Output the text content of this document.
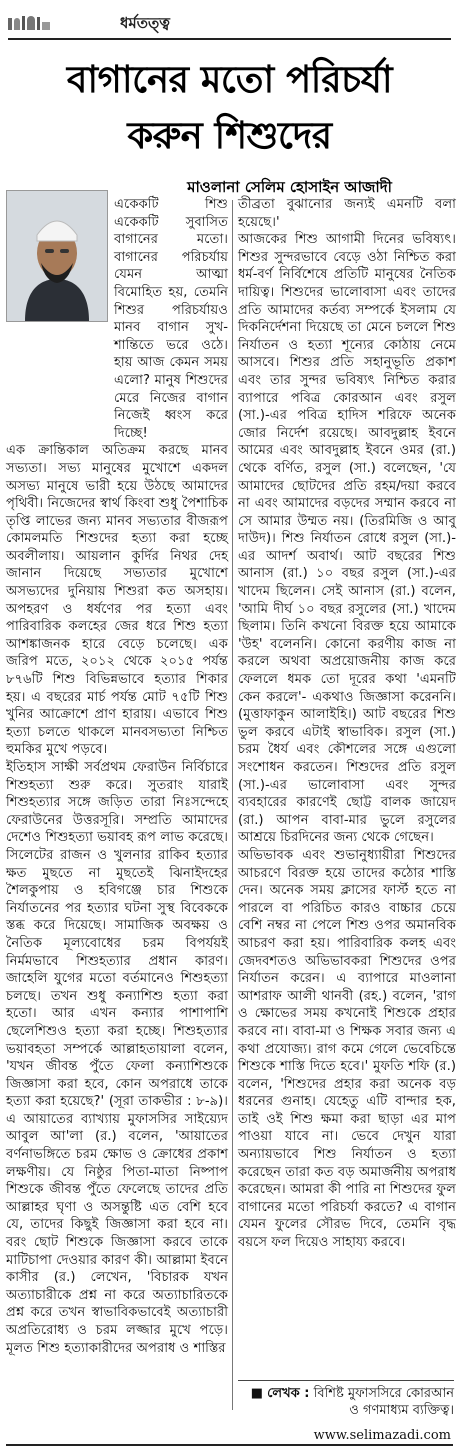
ধর্মতত্ত্ব
বাগানের মতো পরিচর্যা
করুন শিশুদের
মাওলানা সেলিম হোসাইন আজাদী

একেকটি শিশু একেকটি সুবাসিত বাগানের মতো। বাগানের পরিচর্যায় যেমন আত্মা বিমোহিত হয়, তেমনি শিশুর পরিচর্যায়ও মানব বাগান সুখ-শান্তিতে ভরে ওঠে। হায় আজ কেমন সময় এলো? মানুষ শিশুদের মেরে নিজের বাগান নিজেই ধ্বংস করে দিচ্ছে!

এক ক্রান্তিকাল অতিক্রম করছে মানব সভ্যতা। সভ্য মানুষের মুখোশে একদল অসভ্য মানুষে ভারী হয়ে উঠছে আমাদের পৃথিবী। নিজেদের স্বার্থ কিংবা শুধু পৈশাচিক তৃপ্তি লাভের জন্য মানব সভ্যতার বীজরূপ কোমলমতি শিশুদের হত্যা করা হচ্ছে অবলীলায়। আয়লান কুর্দির নিথর দেহ জানান দিয়েছে সভ্যতার মুখোশে অসভ্যদের দুনিয়ায় শিশুরা কত অসহায়। অপহরণ ও ধর্ষণের পর হত্যা এবং পারিবারিক কলহের জের ধরে শিশু হত্যা আশঙ্কাজনক হারে বেড়ে চলেছে। এক জরিপ মতে, ২০১২ থেকে ২০১৫ পর্যন্ত ৮৭৬টি শিশু বিভিন্নভাবে হত্যার শিকার হয়। এ বছরের মার্চ পর্যন্ত মোট ৭৫টি শিশু খুনির আক্রোশে প্রাণ হারায়। এভাবে শিশু হত্যা চলতে থাকলে মানবসভ্যতা নিশ্চিত হুমকির মুখে পড়বে।

ইতিহাস সাক্ষী সর্বপ্রথম ফেরাউন নির্বিচারে শিশুহত্যা শুরু করে। সুতরাং যারাই শিশুহত্যার সঙ্গে জড়িত তারা নিঃসন্দেহে ফেরাউনের উত্তরসূরি। সম্প্রতি আমাদের দেশেও শিশুহত্যা ভয়াবহ রূপ লাভ করেছে। সিলেটের রাজন ও খুলনার রাকিব হত্যার ক্ষত মুছতে না মুছতেই ঝিনাইদহের শৈলকুপায় ও হবিগঞ্জে চার শিশুকে নির্যাতনের পর হত্যার ঘটনা সুস্থ বিবেককে স্তব্ধ করে দিয়েছে। সামাজিক অবক্ষয় ও নৈতিক মূল্যবোধের চরম বিপর্যয়ই নির্মমভাবে শিশুহত্যার প্রধান কারণ। জাহেলি যুগের মতো বর্তমানেও শিশুহত্যা চলছে। তখন শুধু কন্যাশিশু হত্যা করা হতো। আর এখন কন্যার পাশাপাশি ছেলেশিশুও হত্যা করা হচ্ছে। শিশুহত্যার ভয়াবহতা সম্পর্কে আল্লাহতায়ালা বলেন, 'যখন জীবন্ত পুঁতে ফেলা কন্যাশিশুকে জিজ্ঞাসা করা হবে, কোন অপরাধে তাকে হত্যা করা হয়েছে?' (সূরা তাকভীর : ৮-৯)। এ আয়াতের ব্যাখ্যায় মুফাসসির সাইয়্যেদ আবুল আ'লা (র.) বলেন, 'আয়াতের বর্ণনাভঙ্গিতে চরম ক্ষোভ ও ক্রোধের প্রকাশ লক্ষণীয়। যে নিষ্ঠুর পিতা-মাতা নিষ্পাপ শিশুকে জীবন্ত পুঁতে ফেলেছে তাদের প্রতি আল্লাহর ঘৃণা ও অসন্তুষ্টি এত বেশি হবে যে, তাদের কিছুই জিজ্ঞাসা করা হবে না। বরং ছোট শিশুকে জিজ্ঞাসা করবে তাকে মাটিচাপা দেওয়ার কারণ কী। আল্লামা ইবনে কাসীর (র.) লেখেন, 'বিচারক যখন অত্যাচারীকে প্রশ্ন না করে অত্যাচারিতকে প্রশ্ন করে তখন স্বাভাবিকভাবেই অত্যাচারী অপ্রতিরোধ্য ও চরম লজ্জার মুখে পড়ে। মূলত শিশু হত্যাকারীদের অপরাধ ও শাস্তির

তীব্রতা বুঝানোর জন্যই এমনটি বলা হয়েছে।'

আজকের শিশু আগামী দিনের ভবিষ্যৎ। শিশুর সুন্দরভাবে বেড়ে ওঠা নিশ্চিত করা ধর্ম-বর্ণ নির্বিশেষে প্রতিটি মানুষের নৈতিক দায়িত্ব। শিশুদের ভালোবাসা এবং তাদের প্রতি আমাদের কর্তব্য সম্পর্কে ইসলাম যে দিকনির্দেশনা দিয়েছে তা মেনে চললে শিশু নির্যাতন ও হত্যা শূন্যের কোঠায় নেমে আসবে। শিশুর প্রতি সহানুভূতি প্রকাশ এবং তার সুন্দর ভবিষ্যৎ নিশ্চিত করার ব্যাপারে পবিত্র কোরআন এবং রসুল (সা.)-এর পবিত্র হাদিস শরিফে অনেক জোর নির্দেশ রয়েছে। আবদুল্লাহ ইবনে আমের এবং আবদুল্লাহ ইবনে ওমর (রা.) থেকে বর্ণিত, রসুল (সা.) বলেছেন, 'যে আমাদের ছোটদের প্রতি রহম/দয়া করবে না এবং আমাদের বড়দের সম্মান করবে না সে আমার উম্মত নয়। (তিরমিজি ও আবু দাউদ)। শিশু নির্যাতন রোধে রসুল (সা.)-এর আদর্শ অবার্থ। আট বছরের শিশু আনাস (রা.) ১০ বছর রসুল (সা.)-এর খাদেম ছিলেন। সেই আনাস (রা.) বলেন, 'আমি দীর্ঘ ১০ বছর রসুলের (সা.) খাদেম ছিলাম। তিনি কখনো বিরক্ত হয়ে আমাকে 'উহ' বলেননি। কোনো করণীয় কাজ না করলে অথবা অপ্রয়োজনীয় কাজ করে ফেললে ধমক তো দূরের কথা 'এমনটি কেন করলে'- একথাও জিজ্ঞাসা করেননি। (মুত্তাফাকুন আলাইহি।) আট বছরের শিশু ভুল করবে এটাই স্বাভাবিক। রসুল (সা.) চরম ধৈর্য এবং কৌশলের সঙ্গে এগুলো সংশোধন করতেন। শিশুদের প্রতি রসুল (সা.)-এর ভালোবাসা এবং সুন্দর ব্যবহারের কারণেই ছোট্ট বালক জায়েদ (রা.) আপন বাবা-মার ভুলে রসুলের আশ্রয়ে চিরদিনের জন্য থেকে গেছেন।

অভিভাবক এবং শুভানুধ্যায়ীরা শিশুদের আচরণে বিরক্ত হয়ে তাদের কঠোর শাস্তি দেন। অনেক সময় ক্লাসের ফার্স্ট হতে না পারলে বা পরিচিত কারও বাচ্চার চেয়ে বেশি নম্বর না পেলে শিশু ওপর অমানবিক আচরণ করা হয়। পারিবারিক কলহ এবং জেদবশতও অভিভাবকরা শিশুদের ওপর নির্যাতন করেন। এ ব্যাপারে মাওলানা আশরাফ আলী থানবী (রহ.) বলেন, 'রাগ ও ক্ষোভের সময় কখনোই শিশুকে প্রহার করবে না। বাবা-মা ও শিক্ষক সবার জন্য এ কথা প্রযোজ্য। রাগ কমে গেলে ভেবেচিন্তে শিশুকে শাস্তি দিতে হবে।' মুফতি শফি (র.) বলেন, 'শিশুদের প্রহার করা অনেক বড় ধরনের গুনাহ। যেহেতু এটি বান্দার হক, তাই ওই শিশু ক্ষমা করা ছাড়া এর মাপ পাওয়া যাবে না। ভেবে দেখুন যারা অন্যায়ভাবে শিশু নির্যাতন ও হত্যা করেছেন তারা কত বড় অমার্জনীয় অপরাধ করেছেন। আমরা কী পারি না শিশুদের ফুল বাগানের মতো পরিচর্যা করতে? এ বাগান যেমন ফুলের সৌরভ দিবে, তেমনি বৃদ্ধ বয়সে ফল দিয়েও সাহায্য করবে।

■ লেখক : বিশিষ্ট মুফাসসিরে কোরআন ও গণমাধ্যম ব্যক্তিত্ব।
www.selimazadi.com
